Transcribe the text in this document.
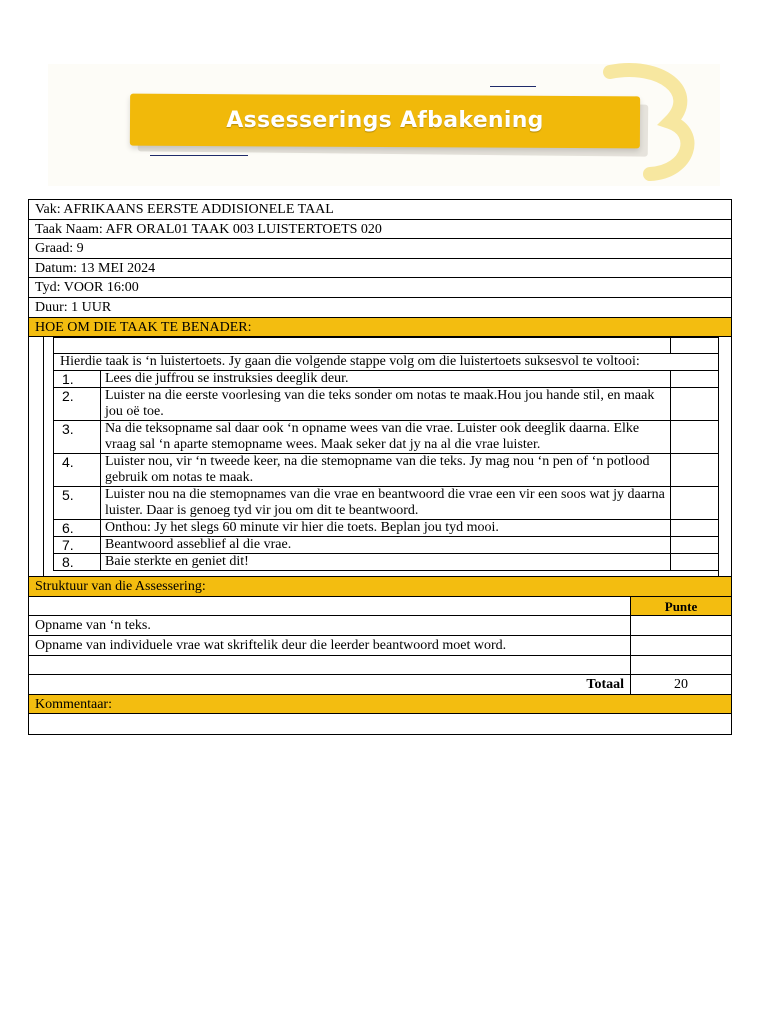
Assesserings Afbakening
Vak: AFRIKAANS EERSTE ADDISIONELE TAAL
Taak Naam: AFR ORAL01 TAAK 003 LUISTERTOETS 020
Graad: 9
Datum: 13 MEI 2024
Tyd: VOOR 16:00
Duur: 1 UUR
HOE OM DIE TAAK TE BENADER:

Hierdie taak is ‘n luistertoets. Jy gaan die volgende stappe volg om die luistertoets suksesvol te voltooi:		
1.	Lees die juffrou se instruksies deeglik deur.	
2.	Luister na die eerste voorlesing van die teks sonder om notas te maak.Hou jou hande stil, en maak jou oë toe.	
3.	Na die teksopname sal daar ook ‘n opname wees van die vrae. Luister ook deeglik daarna. Elke vraag sal ‘n aparte stemopname wees. Maak seker dat jy na al die vrae luister.	
4.	Luister nou, vir ‘n tweede keer, na die stemopname van die teks. Jy mag nou ‘n pen of ‘n potlood gebruik om notas te maak.	
5.	Luister nou na die stemopnames van die vrae en beantwoord die vrae een vir een soos wat jy daarna luister. Daar is genoeg tyd vir jou om dit te beantwoord.	
6.	Onthou: Jy het slegs 60 minute vir hier die toets. Beplan jou tyd mooi.	
7.	Beantwoord asseblief al die vrae.	
8.	Baie sterkte en geniet dit!	
Struktuur van die Assessering:
Punte
Opname van ‘n teks.
Opname van individuele vrae wat skriftelik deur die leerder beantwoord moet word.
Totaal	20
Kommentaar:
